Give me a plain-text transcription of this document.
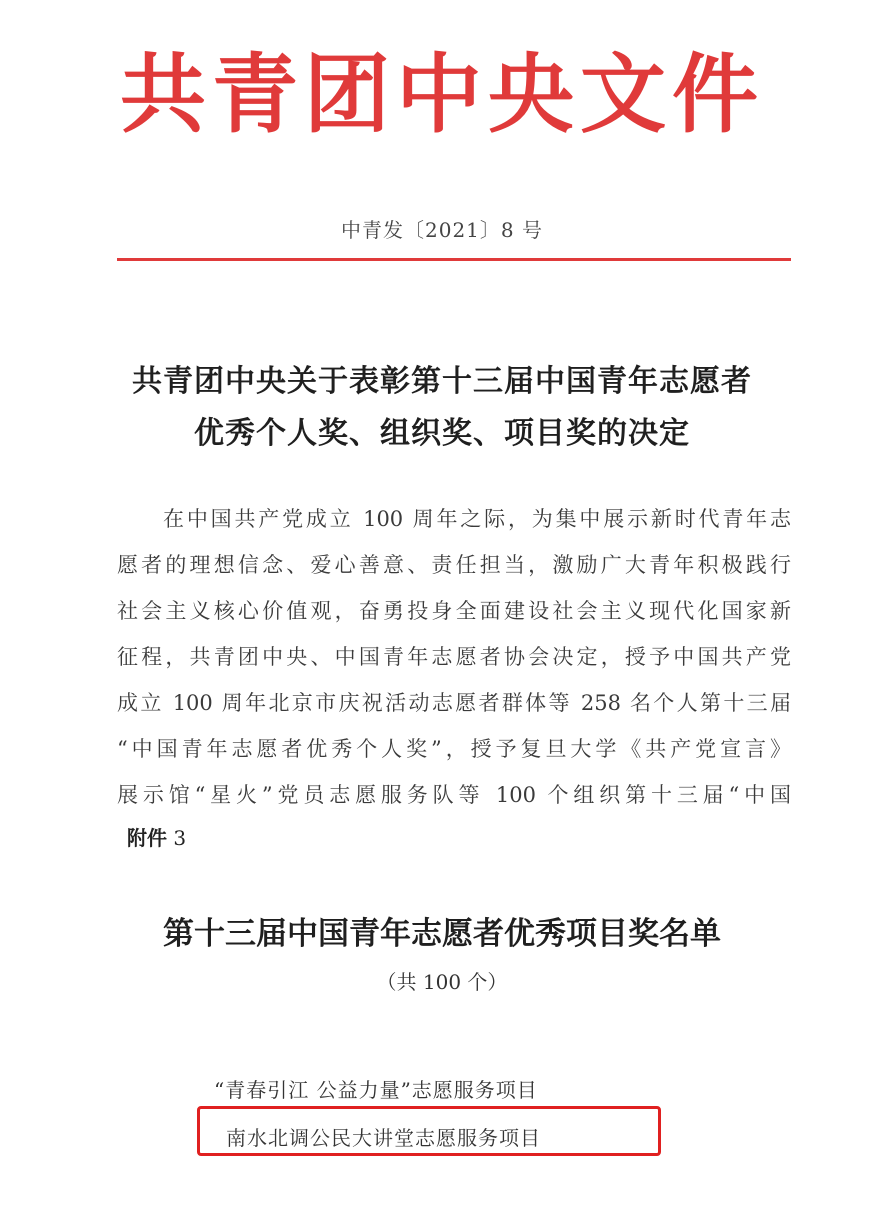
共青团中央文件
中青发〔2021〕8 号
共青团中央关于表彰第十三届中国青年志愿者
优秀个人奖、组织奖、项目奖的决定
在中国共产党成立 100 周年之际，为集中展示新时代青年志
愿者的理想信念、爱心善意、责任担当，激励广大青年积极践行
社会主义核心价值观，奋勇投身全面建设社会主义现代化国家新
征程，共青团中央、中国青年志愿者协会决定，授予中国共产党
成立 100 周年北京市庆祝活动志愿者群体等 258 名个人第十三届
“中国青年志愿者优秀个人奖”，授予复旦大学《共产党宣言》
展示馆“星火”党员志愿服务队等 100 个组织第十三届“中国
附件 3
第十三届中国青年志愿者优秀项目奖名单
（共 100 个）
“青春引江 公益力量”志愿服务项目
南水北调公民大讲堂志愿服务项目
